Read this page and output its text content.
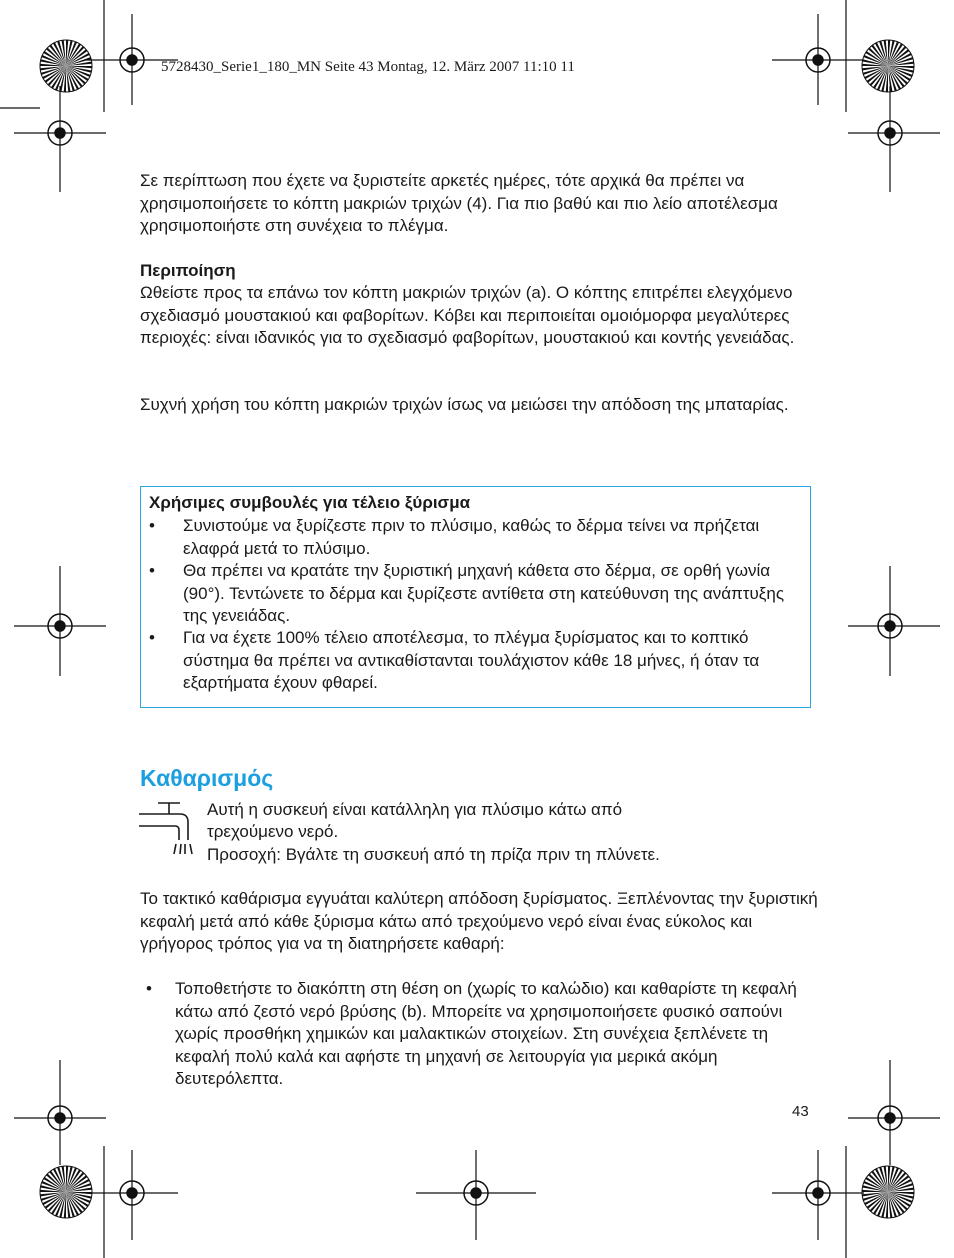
5728430_Serie1_180_MN Seite 43 Montag, 12. März 2007 11:10 11

Σε περίπτωση που έχετε να ξυριστείτε αρκετές ημέρες, τότε αρχικά θα πρέπει να χρησιμοποιήσετε το κόπτη μακριών τριχών (4). Για πιο βαθύ και πιο λείο αποτέλεσμα χρησιμοποιήστε στη συνέχεια το πλέγμα.

Περιποίηση

Ωθείστε προς τα επάνω τον κόπτη μακριών τριχών (a). Ο κόπτης επιτρέπει ελεγχόμενο σχεδιασμό μουστακιού και φαβορίτων. Κόβει και περιποιείται ομοιόμορφα μεγαλύτερες περιοχές: είναι ιδανικός για το σχεδιασμό φαβορίτων, μουστακιού και κοντής γενειάδας.

Συχνή χρήση του κόπτη μακριών τριχών ίσως να μειώσει την απόδοση της μπαταρίας.

Χρήσιμες συμβουλές για τέλειο ξύρισμα
• Συνιστούμε να ξυρίζεστε πριν το πλύσιμο, καθώς το δέρμα τείνει να πρήζεται ελαφρά μετά το πλύσιμο.
• Θα πρέπει να κρατάτε την ξυριστική μηχανή κάθετα στο δέρμα, σε ορθή γωνία (90°). Τεντώνετε το δέρμα και ξυρίζεστε αντίθετα στη κατεύθυνση της ανάπτυξης της γενειάδας.
• Για να έχετε 100% τέλειο αποτέλεσμα, το πλέγμα ξυρίσματος και το κοπτικό σύστημα θα πρέπει να αντικαθίστανται τουλάχιστον κάθε 18 μήνες, ή όταν τα εξαρτήματα έχουν φθαρεί.
Καθαρισμός
Αυτή η συσκευή είναι κατάλληλη για πλύσιμο κάτω από
τρεχούμενο νερό.
Προσοχή: Βγάλτε τη συσκευή από τη πρίζα πριν τη πλύνετε.

Το τακτικό καθάρισμα εγγυάται καλύτερη απόδοση ξυρίσματος. Ξεπλένοντας την ξυριστική κεφαλή μετά από κάθε ξύρισμα κάτω από τρεχούμενο νερό είναι ένας εύκολος και γρήγορος τρόπος για να τη διατηρήσετε καθαρή:

• Τοποθετήστε το διακόπτη στη θέση on (χωρίς το καλώδιο) και καθαρίστε τη κεφαλή κάτω από ζεστό νερό βρύσης (b). Μπορείτε να χρησιμοποιήσετε φυσικό σαπούνι χωρίς προσθήκη χημικών και μαλακτικών στοιχείων. Στη συνέχεια ξεπλένετε τη κεφαλή πολύ καλά και αφήστε τη μηχανή σε λειτουργία για μερικά ακόμη δευτερόλεπτα.
43
